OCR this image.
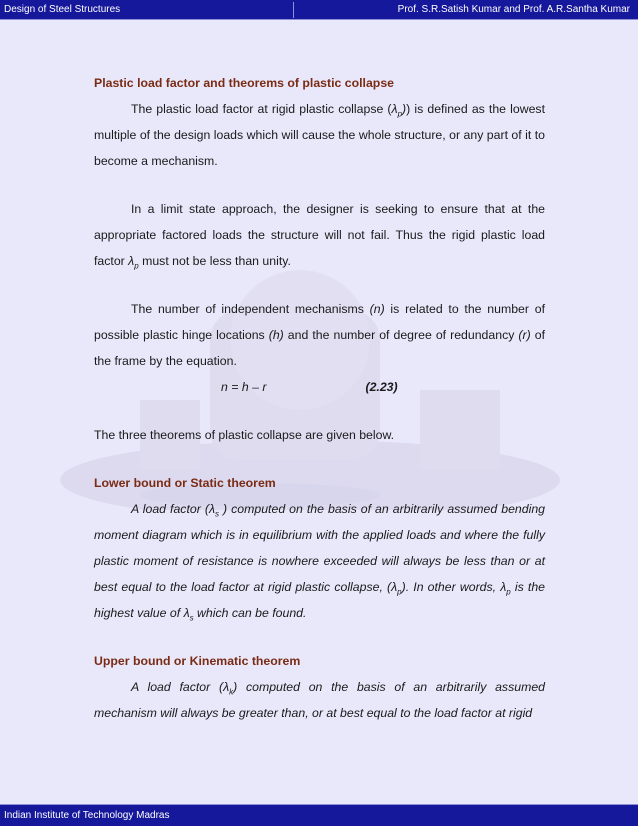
Design of Steel Structures	Prof. S.R.Satish Kumar and Prof. A.R.Santha Kumar

Plastic load factor and theorems of plastic collapse

The plastic load factor at rigid plastic collapse $(\lambda_p)$) is defined as the lowest multiple of the design loads which will cause the whole structure, or any part of it to become a mechanism.

In a limit state approach, the designer is seeking to ensure that at the appropriate factored loads the structure will not fail. Thus the rigid plastic load factor $\lambda_p$ must not be less than unity.

The number of independent mechanisms (n) is related to the number of possible plastic hinge locations (h) and the number of degree of redundancy (r) of the frame by the equation.

n = h – r	(2.23)

The three theorems of plastic collapse are given below.

Lower bound or Static theorem

A load factor ($\lambda_s$ ) computed on the basis of an arbitrarily assumed bending moment diagram which is in equilibrium with the applied loads and where the fully plastic moment of resistance is nowhere exceeded will always be less than or at best equal to the load factor at rigid plastic collapse, $(\lambda_p)$. In other words, $\lambda_p$ is the highest value of $\lambda_s$ which can be found.

Upper bound or Kinematic theorem

A load factor $(\lambda_k)$ computed on the basis of an arbitrarily assumed mechanism will always be greater than, or at best equal to the load factor at rigid

Indian Institute of Technology Madras
